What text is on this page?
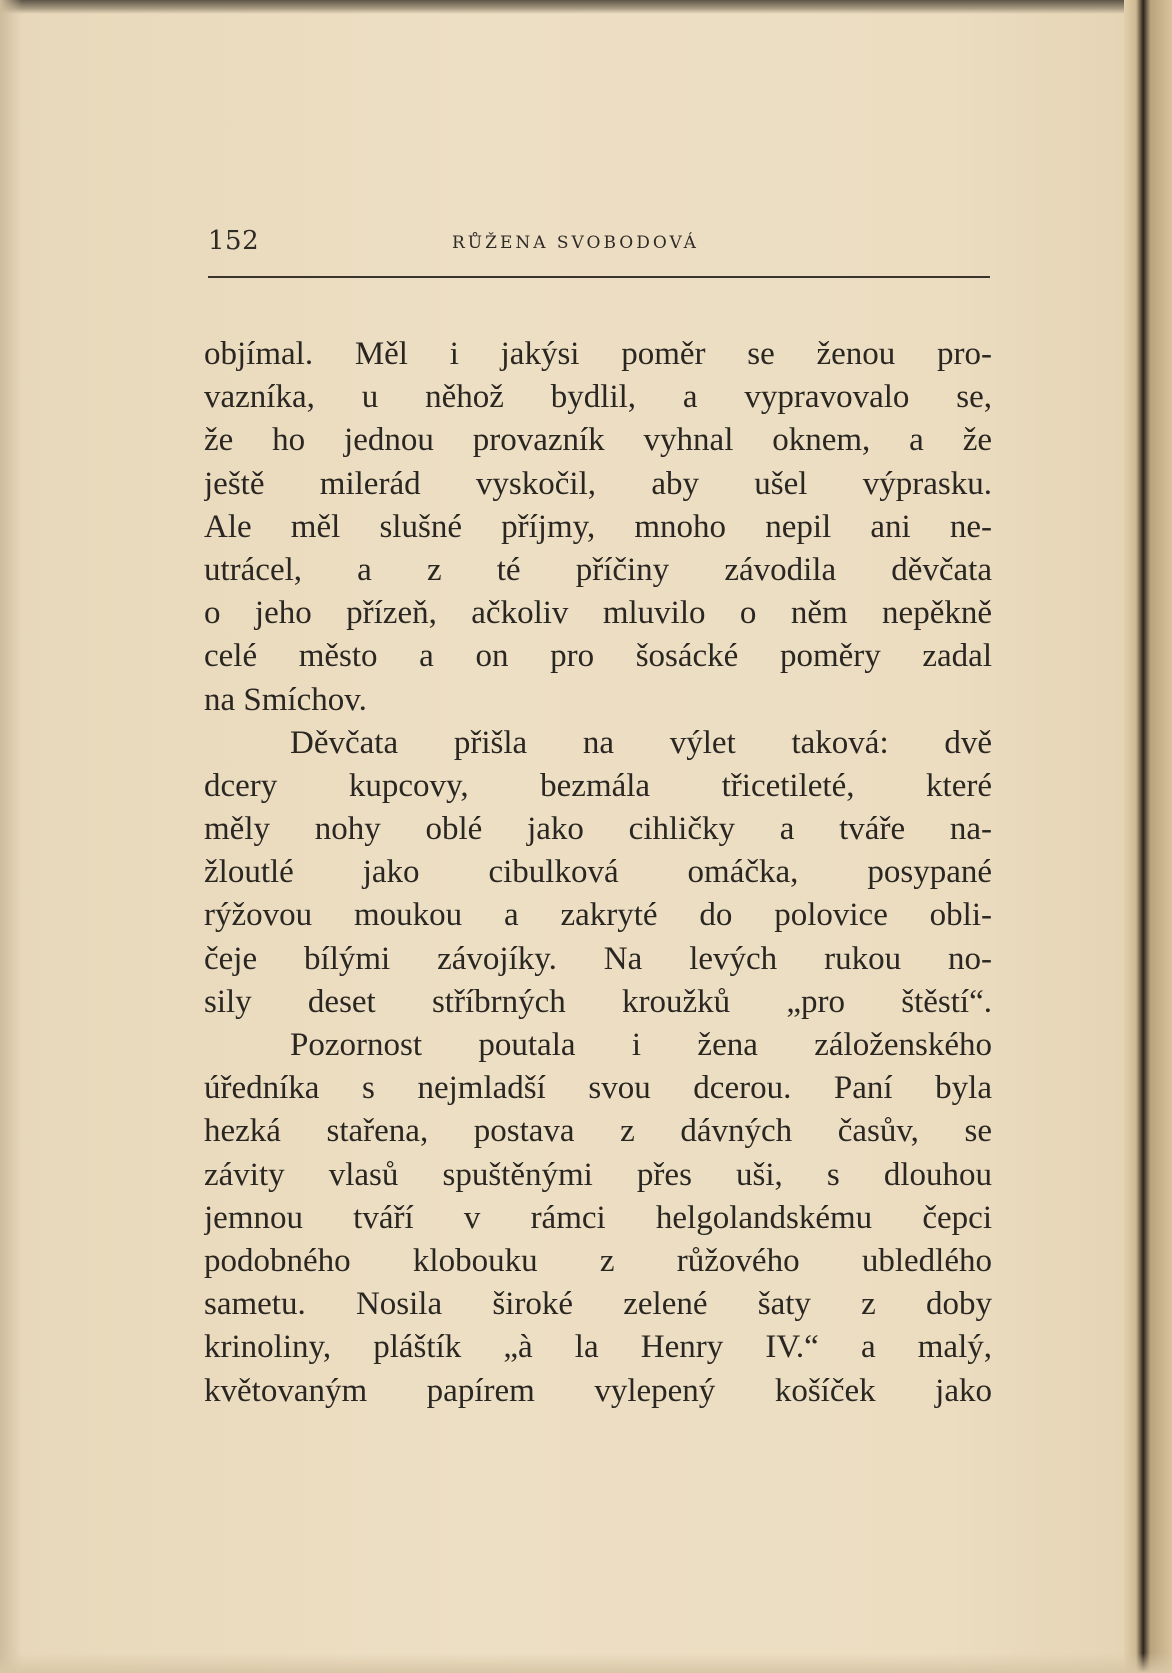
152	RŮŽENA SVOBODOVÁ
objímal. Měl i jakýsi poměr se ženou pro-
vazníka, u něhož bydlil, a vypravovalo se,
že ho jednou provazník vyhnal oknem, a že
ještě milerád vyskočil, aby ušel výprasku.
Ale měl slušné příjmy, mnoho nepil ani ne-
utrácel, a z té příčiny závodila děvčata
o jeho přízeň, ačkoliv mluvilo o něm nepěkně
celé město a on pro šosácké poměry zadal
na Smíchov.
Děvčata přišla na výlet taková: dvě
dcery kupcovy, bezmála třicetileté, které
měly nohy oblé jako cihličky a tváře na-
žloutlé jako cibulková omáčka, posypané
rýžovou moukou a zakryté do polovice obli-
čeje bílými závojíky. Na levých rukou no-
sily deset stříbrných kroužků „pro štěstí“.
Pozornost poutala i žena záloženského
úředníka s nejmladší svou dcerou. Paní byla
hezká stařena, postava z dávných časův, se
závity vlasů spuštěnými přes uši, s dlouhou
jemnou tváří v rámci helgolandskému čepci
podobného klobouku z růžového ubledlého
sametu. Nosila široké zelené šaty z doby
krinoliny, pláštík „à la Henry IV.“ a malý,
květovaným papírem vylepený košíček jako
